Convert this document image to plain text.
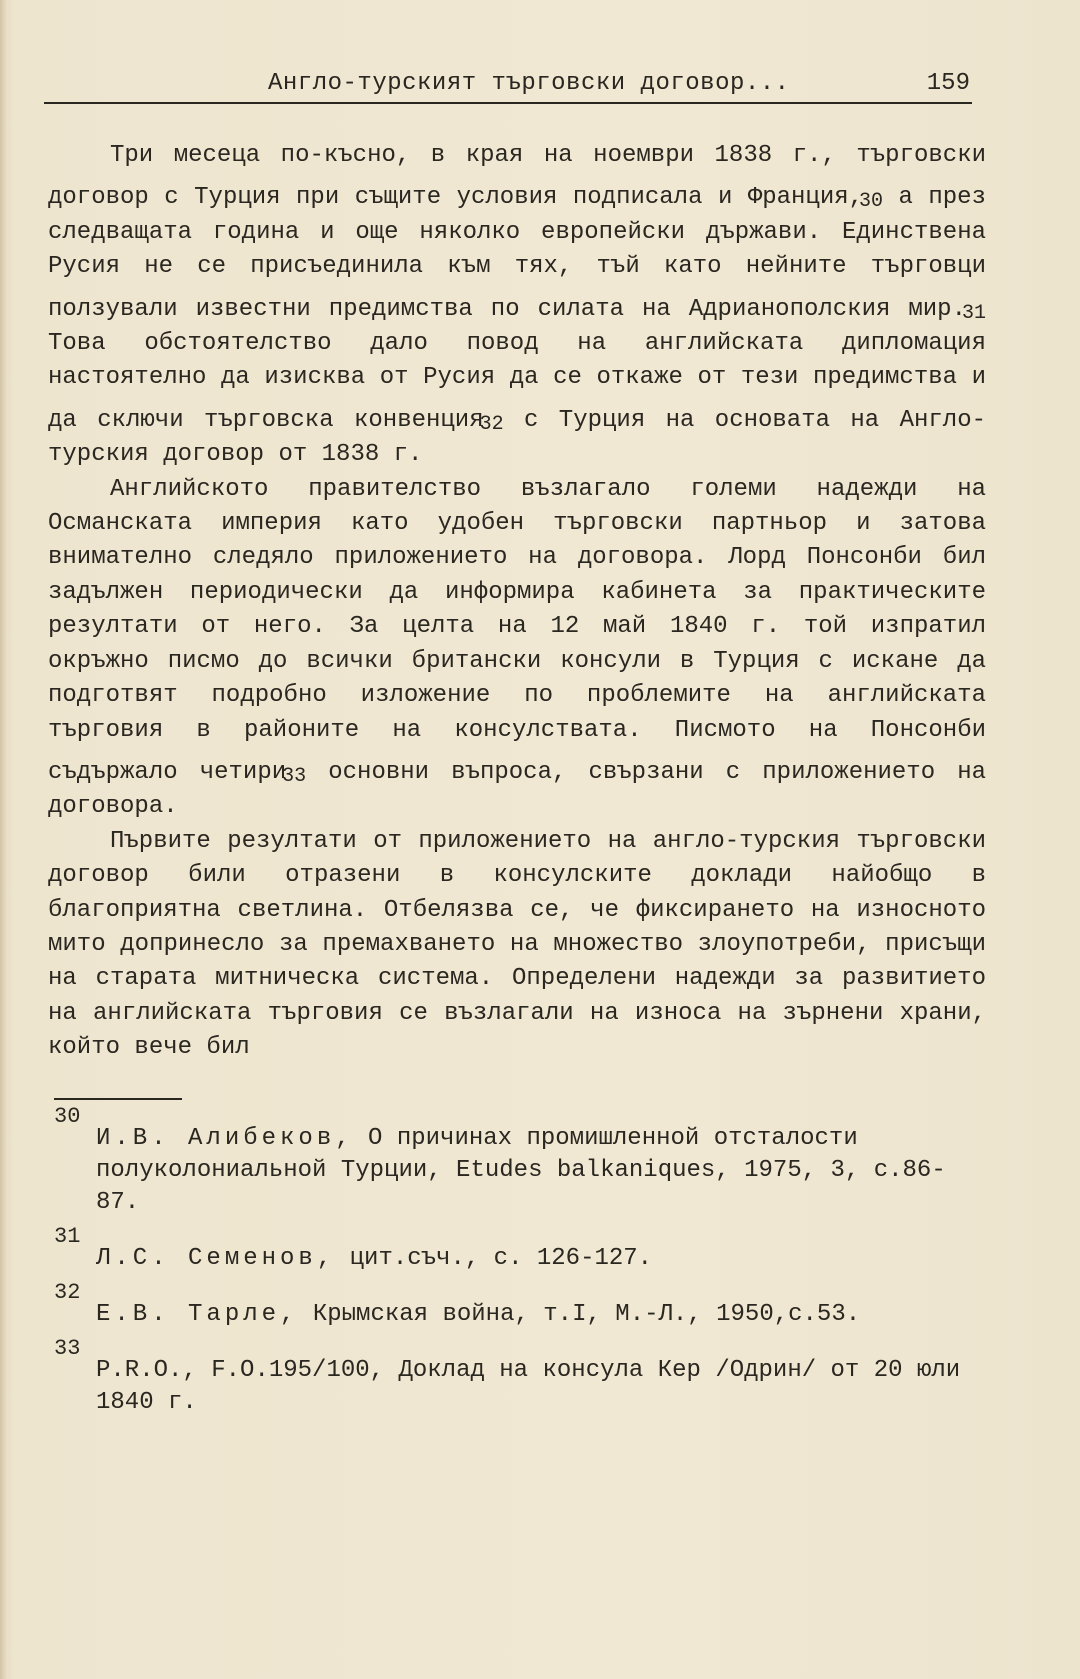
Англо-турският търговски договор...	159

Три месеца по-късно, в края на ноември 1838 г., търговски договор с Турция при същите условия подписала и Франция,$^{30}$ а през следващата година и още няколко европейски държави. Единствена Русия не се присъединила към тях, тъй като нейните търговци ползували известни предимства по силата на Адрианополския мир.$^{31}$ Това обстоятелство дало повод на английската дипломация настоятелно да изисква от Русия да се откаже от тези предимства и да сключи търговска конвенция$^{32}$ с Турция на основата на Англо-турския договор от 1838 г.

Английското правителство възлагало големи надежди на Османската империя като удобен търговски партньор и затова внимателно следяло приложението на договора. Лорд Понсонби бил задължен периодически да информира кабинета за практическите резултати от него. За целта на 12 май 1840 г. той изпратил окръжно писмо до всички британски консули в Турция с искане да подготвят подробно изложение по проблемите на английската търговия в районите на консулствата. Писмото на Понсонби съдържало четири$^{33}$ основни въпроса, свързани с приложението на договора.

Първите резултати от приложението на англо-турския търговски договор били отразени в консулските доклади найобщо в благоприятна светлина. Отбелязва се, че фиксирането на износното мито допринесло за премахването на множество злоупотреби, присъщи на старата митническа система. Определени надежди за развитието на английската търговия се възлагали на износа на зърнени храни, който вече бил

30
И.В. Алибеков, О причинах промишленной отсталости полуколониальной Турции, Etudes balkaniques, 1975, 3, с.86-87.
31
Л.С. Семенов, цит.съч., с. 126-127.
32
Е.В. Тарле, Крымская война, т.I, М.-Л., 1950,с.53.
33
P.R.O., F.O.195/100, Доклад на консула Кер /Одрин/ от 20 юли 1840 г.
